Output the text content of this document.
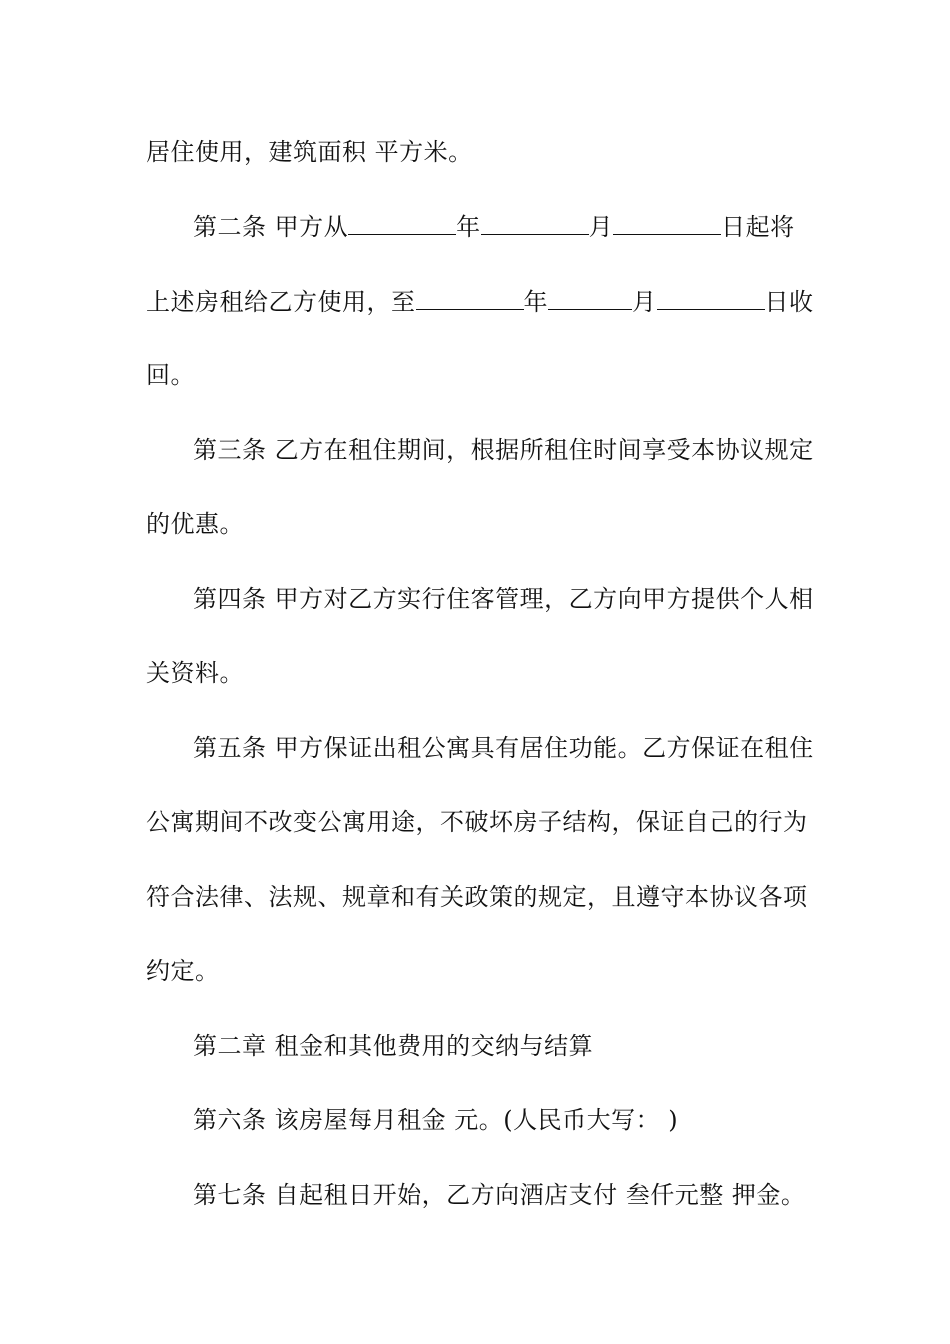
居住使用，建筑面积 平方米。
第二条 甲方从	年	月	日起将
上述房租给乙方使用，至	年	月	日收
回。
第三条 乙方在租住期间，根据所租住时间享受本协议规定
的优惠。
第四条 甲方对乙方实行住客管理，乙方向甲方提供个人相
关资料。
第五条 甲方保证出租公寓具有居住功能。乙方保证在租住
公寓期间不改变公寓用途，不破坏房子结构，保证自己的行为
符合法律、法规、规章和有关政策的规定，且遵守本协议各项
约定。
第二章 租金和其他费用的交纳与结算
第六条 该房屋每月租金 元。(人民币大写： )
第七条 自起租日开始，乙方向酒店支付 叁仟元整 押金。
